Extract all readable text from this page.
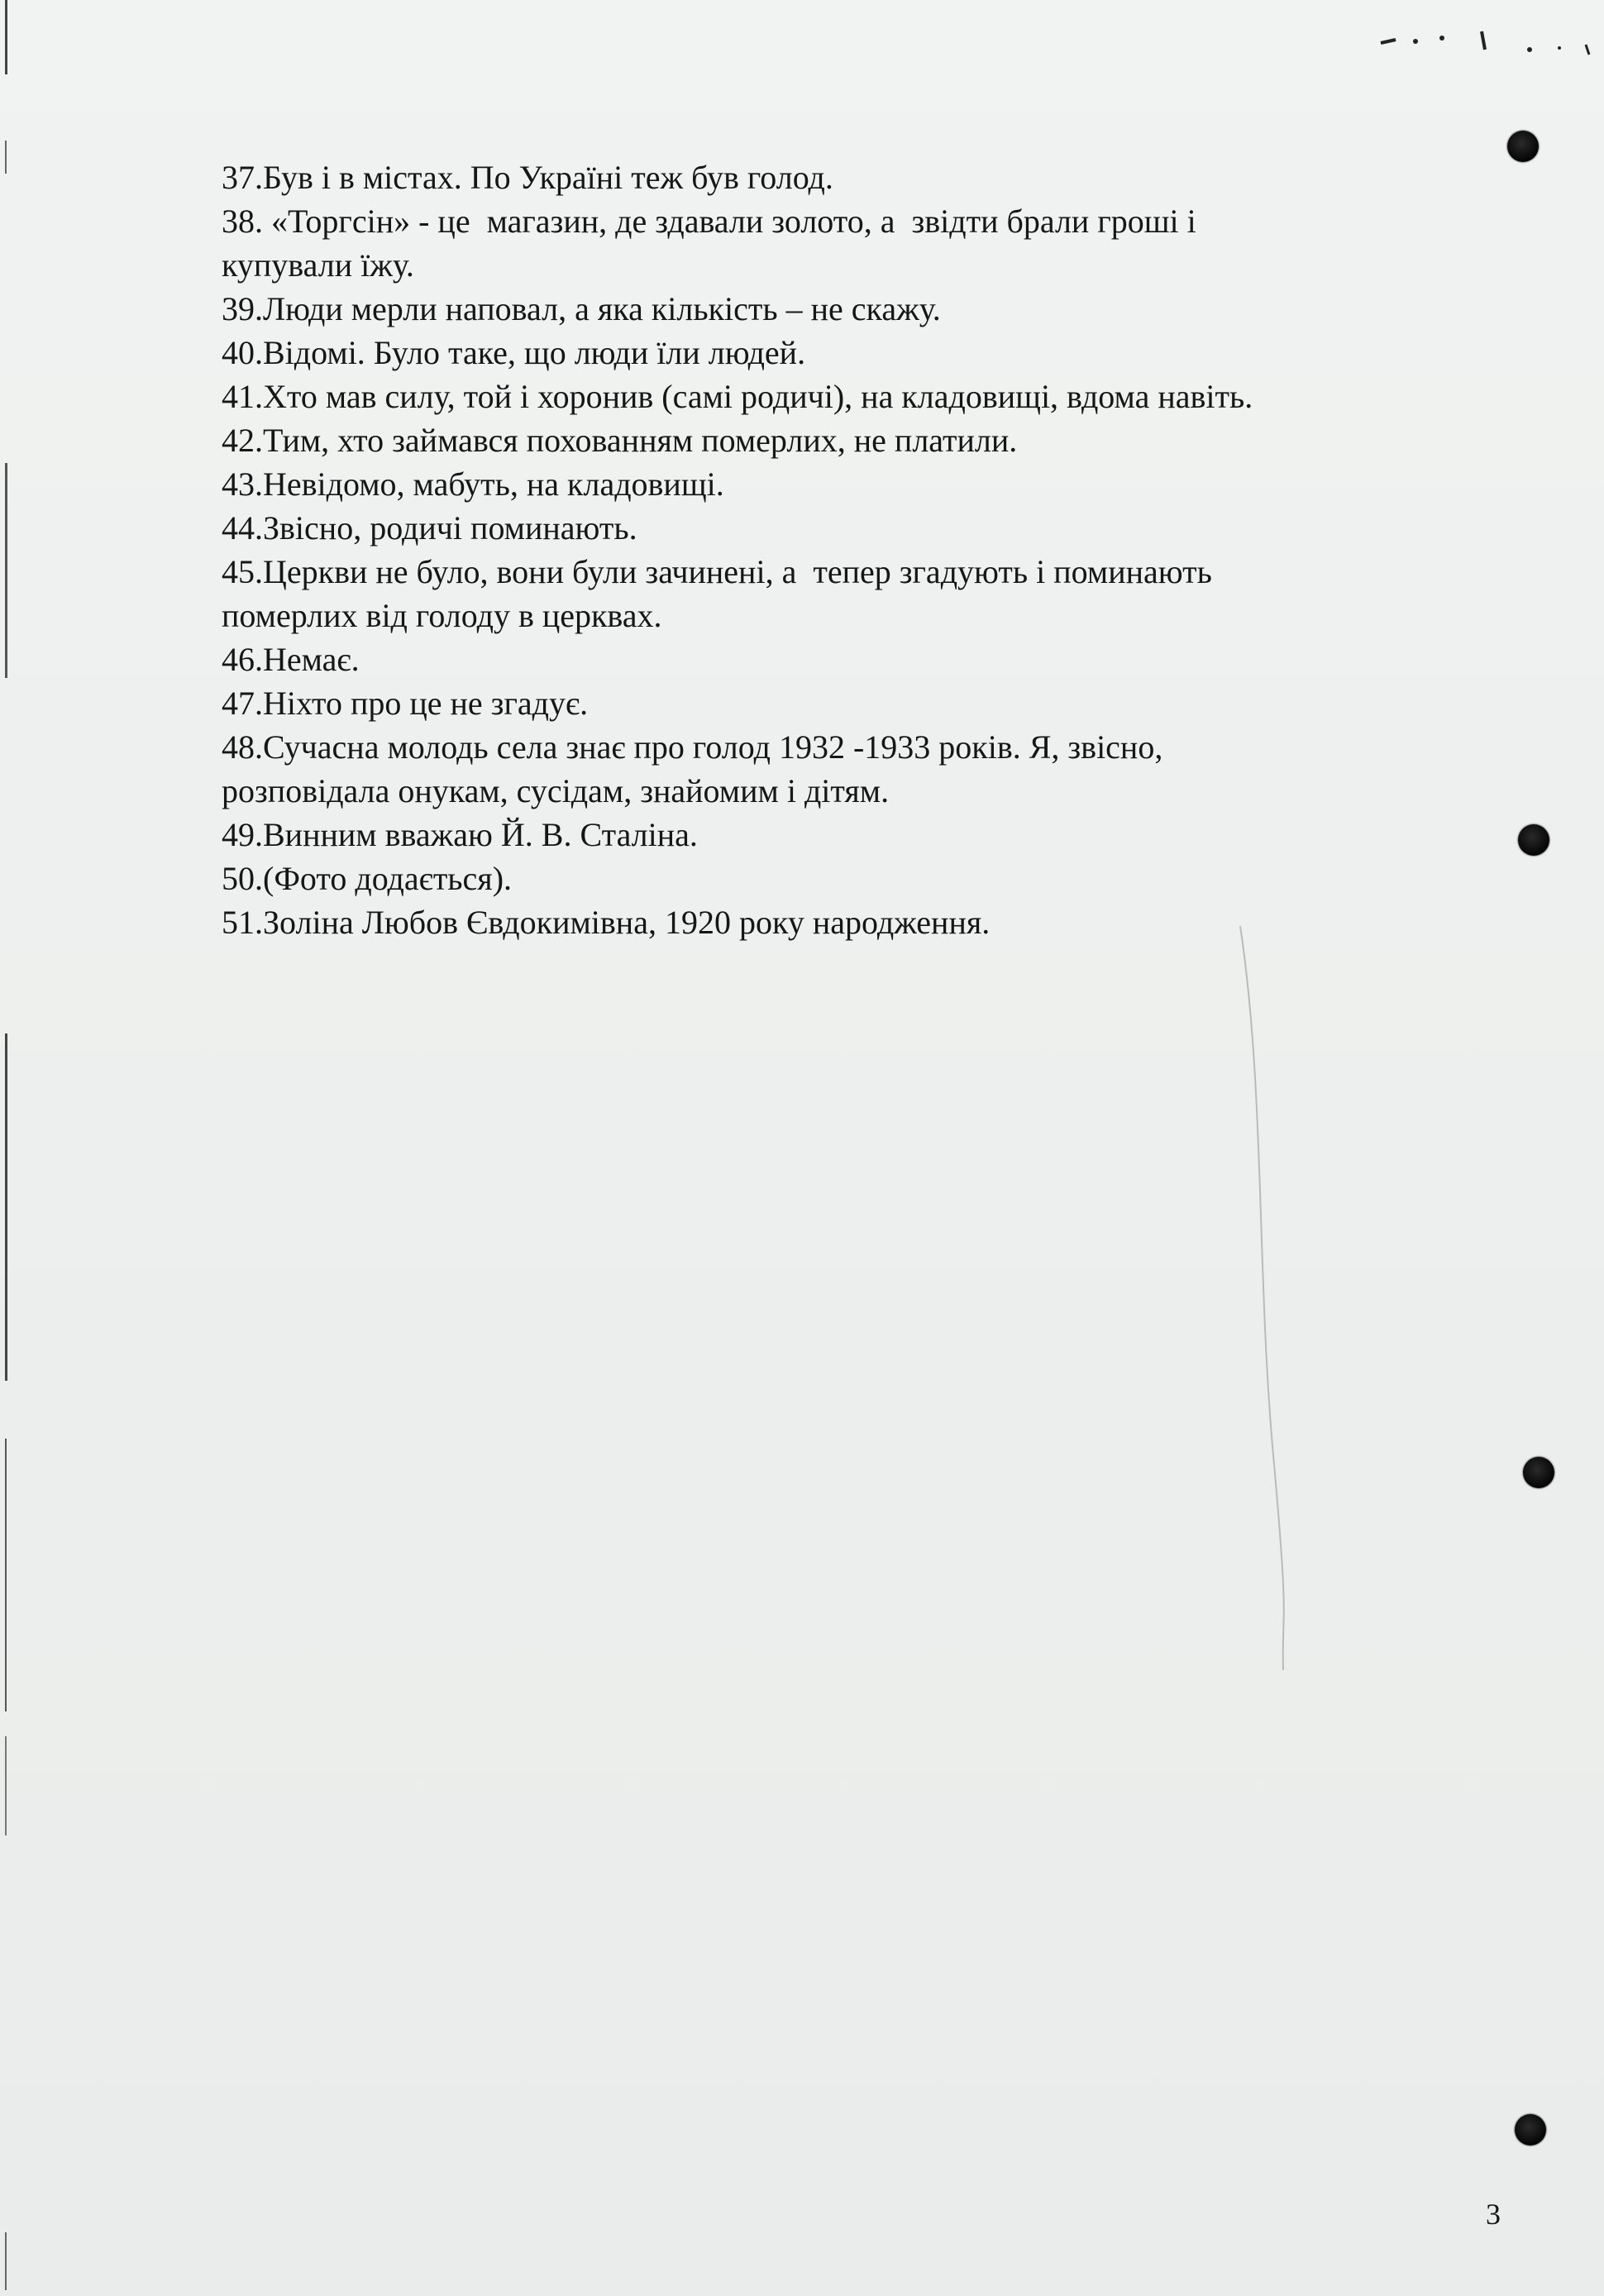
37.Був і в містах. По Україні теж був голод.

38. «Торгсін» - це  магазин, де здавали золото, а  звідти брали гроші і

купували їжу.

39.Люди мерли наповал, а яка кількість – не скажу.

40.Відомі. Було таке, що люди їли людей.

41.Хто мав силу, той і хоронив (самі родичі), на кладовищі, вдома навіть.

42.Тим, хто займався похованням померлих, не платили.

43.Невідомо, мабуть, на кладовищі.

44.Звісно, родичі поминають.

45.Церкви не було, вони були зачинені, а  тепер згадують і поминають

померлих від голоду в церквах.

46.Немає.

47.Ніхто про це не згадує.

48.Сучасна молодь села знає про голод 1932 -1933 років. Я, звісно,

розповідала онукам, сусідам, знайомим і дітям.

49.Винним вважаю Й. В. Сталіна.

50.(Фото додається).

51.Золіна Любов Євдокимівна, 1920 року народження.

3
